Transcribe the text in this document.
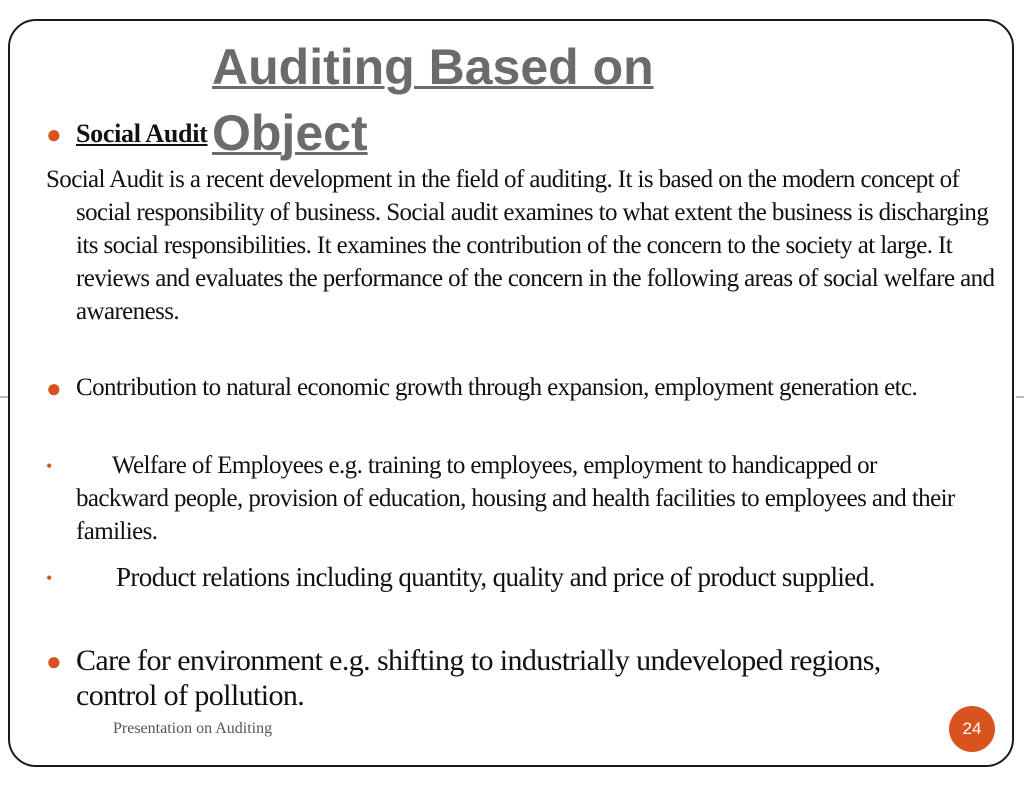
Auditing Based on Object
● Social Audit

Social Audit is a recent development in the field of auditing. It is based on the modern concept of social responsibility of business. Social audit examines to what extent the business is discharging its social responsibilities. It examines the contribution of the concern to the society at large. It reviews and evaluates the performance of the concern in the following areas of social welfare and awareness.

● Contribution to natural economic growth through expansion, employment generation etc.

•	Welfare of Employees e.g. training to employees, employment to handicapped or backward people, provision of education, housing and health facilities to employees and their families.

•	Product relations including quantity, quality and price of product supplied.

● Care for environment e.g. shifting to industrially undeveloped regions, control of pollution.

Presentation on Auditing	24
